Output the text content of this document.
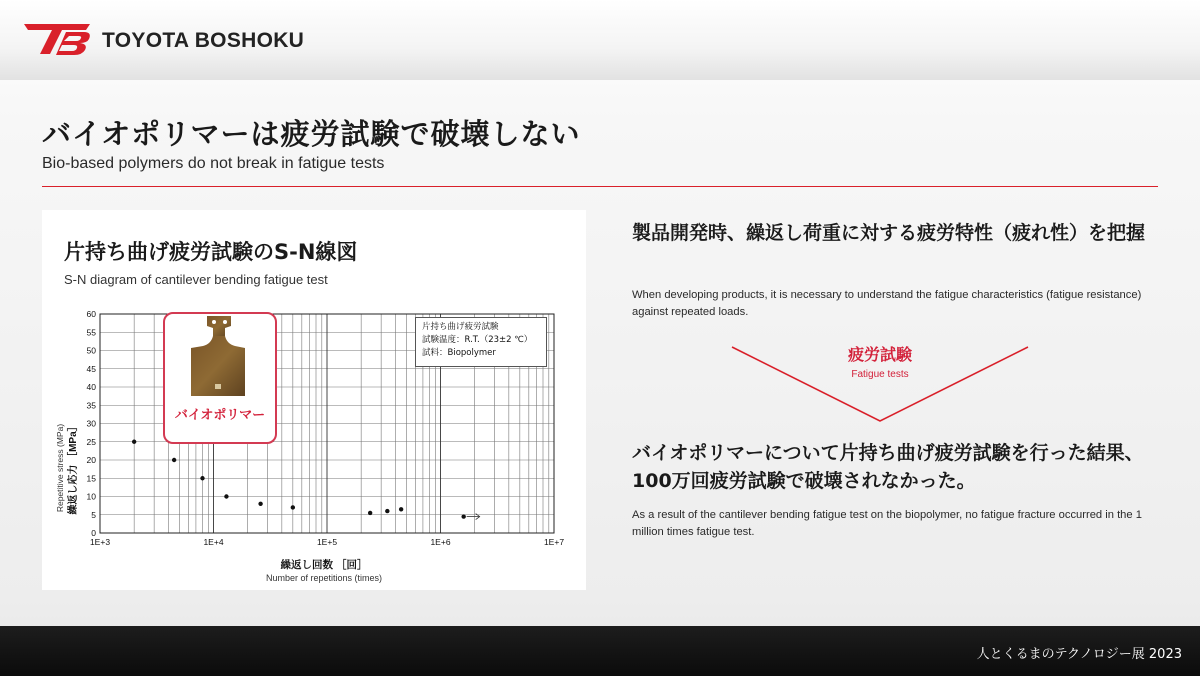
TOYOTA BOSHOKU
バイオポリマーは疲労試験で破壊しない
Bio-based polymers do not break in fatigue tests
片持ち曲げ疲労試験のS-N線図
S-N diagram of cantilever bending fatigue test
0
5
10
15
20
25
30
35
40
45
50
55
60
1E+3	1E+4	1E+5	1E+6	1E+7
Repetitive stress (MPa) 繰返し応力 ［MPa］
繰返し回数 ［回］
Number of repetitions (times)
バイオポリマー
片持ち曲げ疲労試験
試験温度：R.T.（23±2 ℃）
試料：Biopolymer
製品開発時、繰返し荷重に対する疲労特性（疲れ性）を把握
When developing products, it is necessary to understand the fatigue characteristics (fatigue resistance) against repeated loads.
疲労試験
Fatigue tests
バイオポリマーについて片持ち曲げ疲労試験を行った結果、100万回疲労試験で破壊されなかった。
As a result of the cantilever bending fatigue test on the biopolymer, no fatigue fracture occurred in the 1 million times fatigue test.
人とくるまのテクノロジー展 2023
